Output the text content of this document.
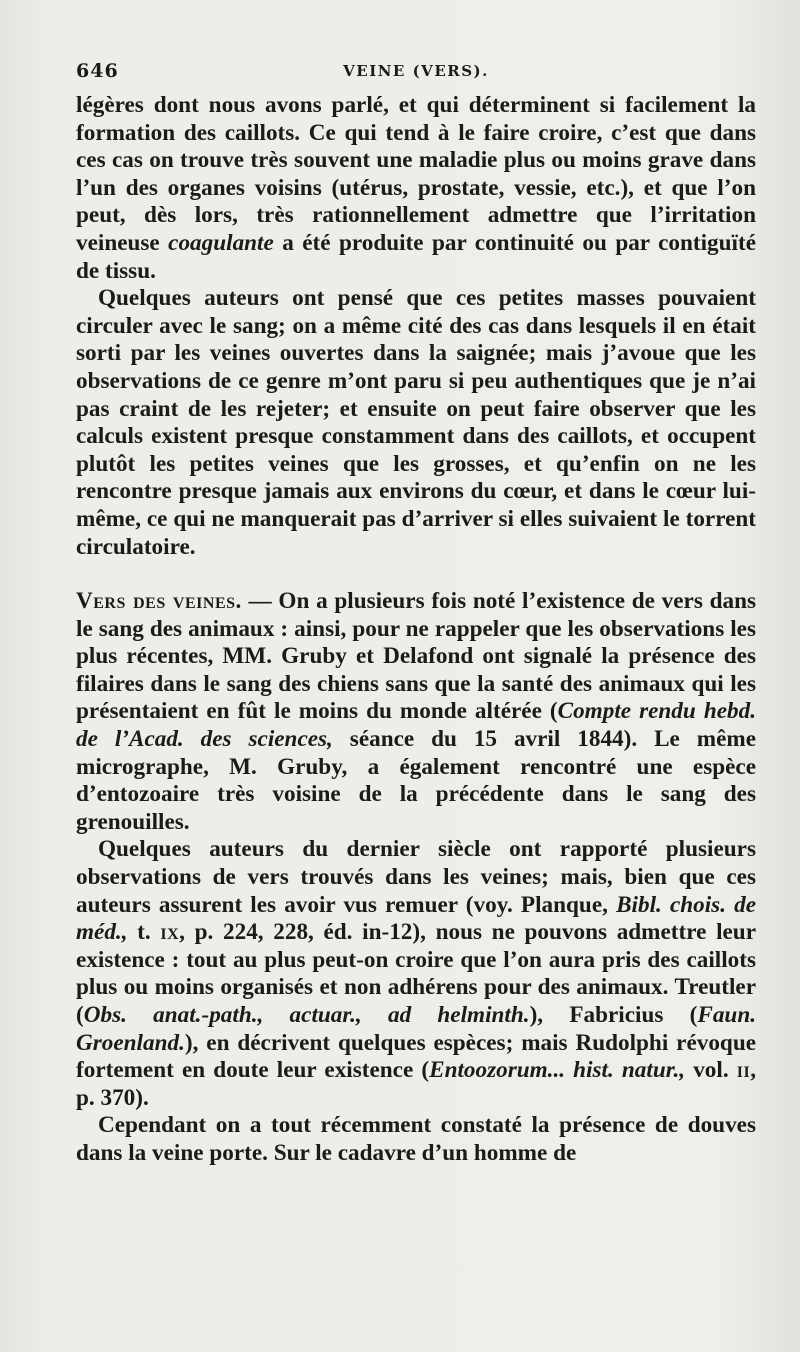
646	VEINE (VERS).

légères dont nous avons parlé, et qui déterminent si facilement la formation des caillots. Ce qui tend à le faire croire, c’est que dans ces cas on trouve très souvent une maladie plus ou moins grave dans l’un des organes voisins (utérus, prostate, vessie, etc.), et que l’on peut, dès lors, très rationnellement admettre que l’irritation veineuse coagulante a été produite par continuité ou par contiguïté de tissu.

Quelques auteurs ont pensé que ces petites masses pouvaient circuler avec le sang; on a même cité des cas dans lesquels il en était sorti par les veines ouvertes dans la saignée; mais j’avoue que les observations de ce genre m’ont paru si peu authentiques que je n’ai pas craint de les rejeter; et ensuite on peut faire observer que les calculs existent presque constamment dans des caillots, et occupent plutôt les petites veines que les grosses, et qu’enfin on ne les rencontre presque jamais aux environs du cœur, et dans le cœur lui-même, ce qui ne manquerait pas d’arriver si elles suivaient le torrent circulatoire.

Vers des veines. — On a plusieurs fois noté l’existence de vers dans le sang des animaux : ainsi, pour ne rappeler que les observations les plus récentes, MM. Gruby et Delafond ont signalé la présence des filaires dans le sang des chiens sans que la santé des animaux qui les présentaient en fût le moins du monde altérée (Compte rendu hebd. de l’Acad. des sciences, séance du 15 avril 1844). Le même micrographe, M. Gruby, a également rencontré une espèce d’entozoaire très voisine de la précédente dans le sang des grenouilles.

Quelques auteurs du dernier siècle ont rapporté plusieurs observations de vers trouvés dans les veines; mais, bien que ces auteurs assurent les avoir vus remuer (voy. Planque, Bibl. chois. de méd., t. ix, p. 224, 228, éd. in-12), nous ne pouvons admettre leur existence : tout au plus peut-on croire que l’on aura pris des caillots plus ou moins organisés et non adhérens pour des animaux. Treutler (Obs. anat.-path., actuar., ad helminth.), Fabricius (Faun. Groenland.), en décrivent quelques espèces; mais Rudolphi révoque fortement en doute leur existence (Entoozorum... hist. natur., vol. ii, p. 370).

Cependant on a tout récemment constaté la présence de douves dans la veine porte. Sur le cadavre d’un homme de
